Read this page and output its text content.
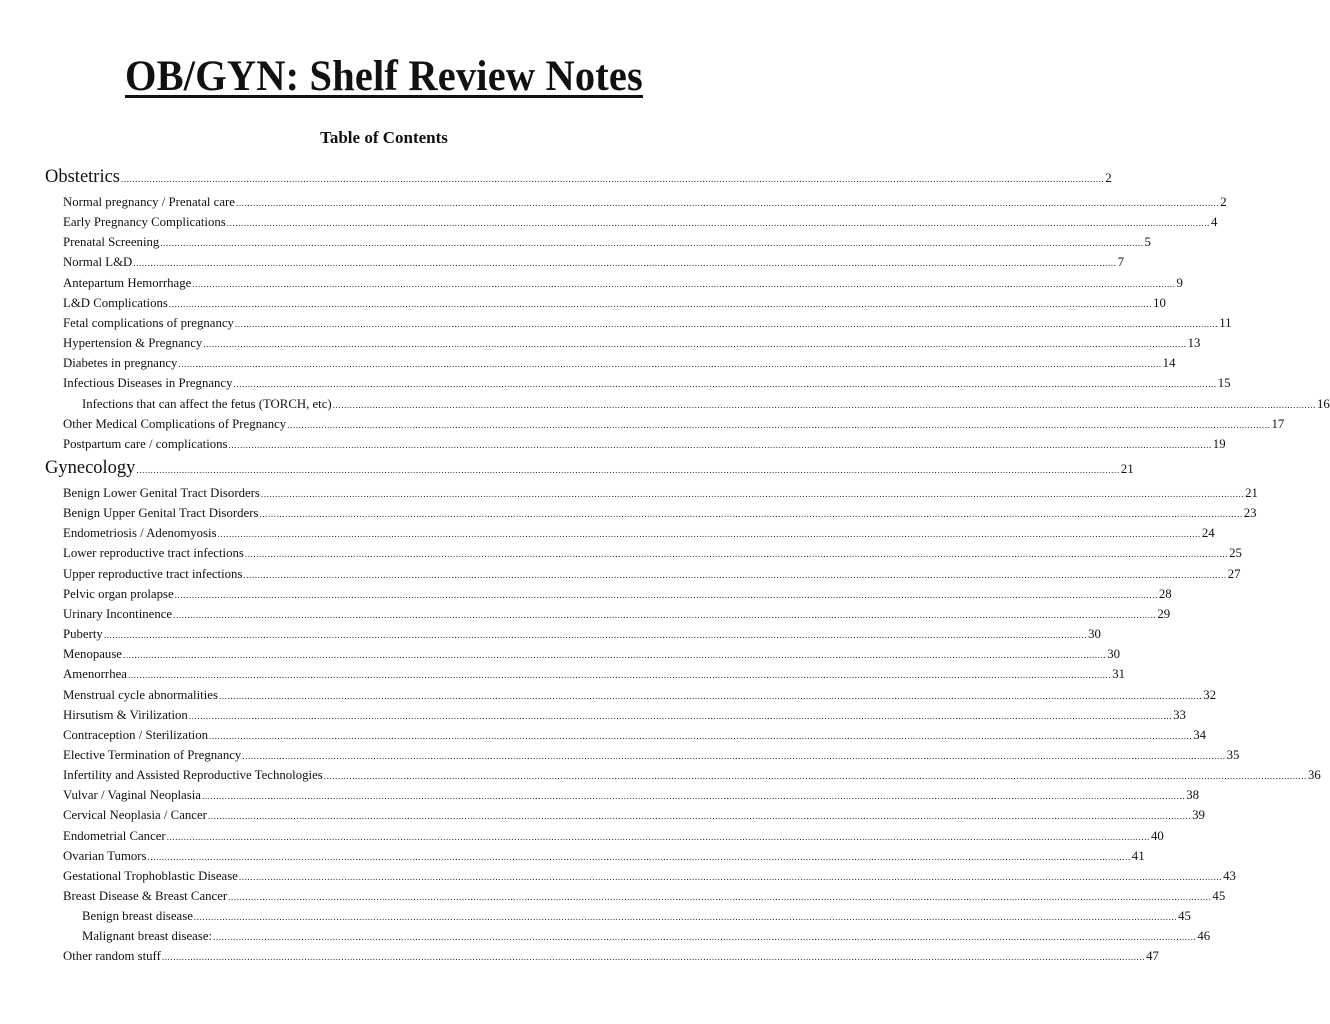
OB/GYN: Shelf Review Notes
Table of Contents
Obstetrics ......................................................................................................................................................................................................................................................................................................................................................... 2
Normal pregnancy / Prenatal care ......................................................................................................................................................................................................................................................................................................................................................... 2
Early Pregnancy Complications ......................................................................................................................................................................................................................................................................................................................................................... 4
Prenatal Screening ......................................................................................................................................................................................................................................................................................................................................................... 5
Normal L&D ......................................................................................................................................................................................................................................................................................................................................................... 7
Antepartum Hemorrhage ......................................................................................................................................................................................................................................................................................................................................................... 9
L&D Complications ......................................................................................................................................................................................................................................................................................................................................................... 10
Fetal complications of pregnancy ......................................................................................................................................................................................................................................................................................................................................................... 11
Hypertension & Pregnancy ......................................................................................................................................................................................................................................................................................................................................................... 13
Diabetes in pregnancy ......................................................................................................................................................................................................................................................................................................................................................... 14
Infectious Diseases in Pregnancy ......................................................................................................................................................................................................................................................................................................................................................... 15
Infections that can affect the fetus (TORCH, etc) ......................................................................................................................................................................................................................................................................................................................................................... 16
Other Medical Complications of Pregnancy ......................................................................................................................................................................................................................................................................................................................................................... 17
Postpartum care / complications ......................................................................................................................................................................................................................................................................................................................................................... 19
Gynecology ......................................................................................................................................................................................................................................................................................................................................................... 21
Benign Lower Genital Tract Disorders ......................................................................................................................................................................................................................................................................................................................................................... 21
Benign Upper Genital Tract Disorders ......................................................................................................................................................................................................................................................................................................................................................... 23
Endometriosis / Adenomyosis ......................................................................................................................................................................................................................................................................................................................................................... 24
Lower reproductive tract infections ......................................................................................................................................................................................................................................................................................................................................................... 25
Upper reproductive tract infections ......................................................................................................................................................................................................................................................................................................................................................... 27
Pelvic organ prolapse ......................................................................................................................................................................................................................................................................................................................................................... 28
Urinary Incontinence ......................................................................................................................................................................................................................................................................................................................................................... 29
Puberty ......................................................................................................................................................................................................................................................................................................................................................... 30
Menopause ......................................................................................................................................................................................................................................................................................................................................................... 30
Amenorrhea ......................................................................................................................................................................................................................................................................................................................................................... 31
Menstrual cycle abnormalities ......................................................................................................................................................................................................................................................................................................................................................... 32
Hirsutism & Virilization ......................................................................................................................................................................................................................................................................................................................................................... 33
Contraception / Sterilization ......................................................................................................................................................................................................................................................................................................................................................... 34
Elective Termination of Pregnancy ......................................................................................................................................................................................................................................................................................................................................................... 35
Infertility and Assisted Reproductive Technologies ......................................................................................................................................................................................................................................................................................................................................................... 36
Vulvar / Vaginal Neoplasia ......................................................................................................................................................................................................................................................................................................................................................... 38
Cervical Neoplasia / Cancer ......................................................................................................................................................................................................................................................................................................................................................... 39
Endometrial Cancer ......................................................................................................................................................................................................................................................................................................................................................... 40
Ovarian Tumors ......................................................................................................................................................................................................................................................................................................................................................... 41
Gestational Trophoblastic Disease ......................................................................................................................................................................................................................................................................................................................................................... 43
Breast Disease & Breast Cancer ......................................................................................................................................................................................................................................................................................................................................................... 45
Benign breast disease ......................................................................................................................................................................................................................................................................................................................................................... 45
Malignant breast disease: ......................................................................................................................................................................................................................................................................................................................................................... 46
Other random stuff ......................................................................................................................................................................................................................................................................................................................................................... 47
